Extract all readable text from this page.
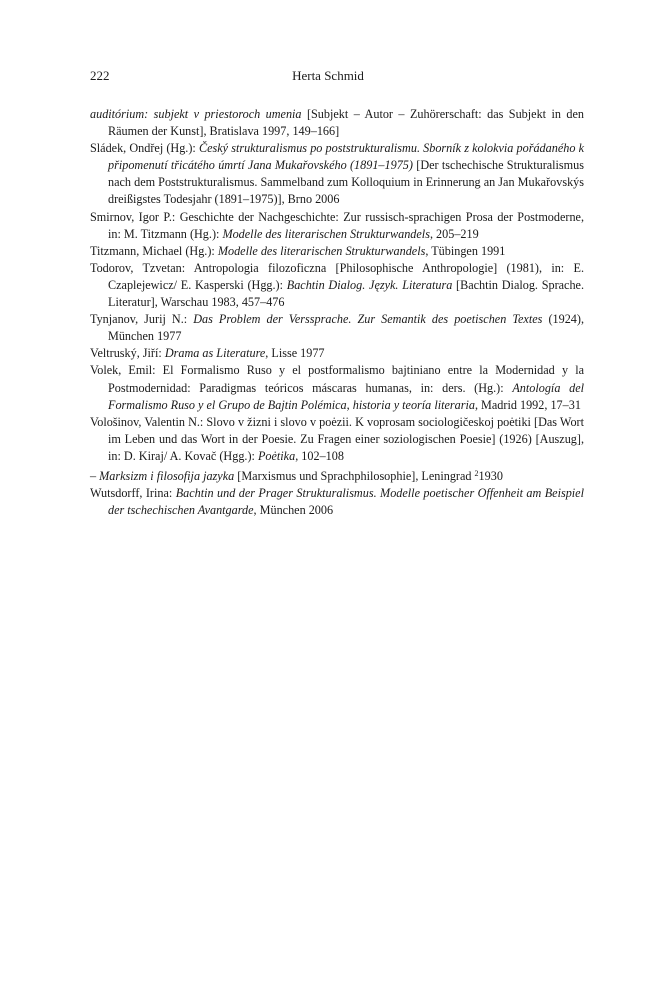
222	Herta Schmid

auditórium: subjekt v priestoroch umenia [Subjekt – Autor – Zuhörerschaft: das Subjekt in den Räumen der Kunst], Bratislava 1997, 149–166]

Sládek, Ondřej (Hg.): Český strukturalismus po poststrukturalismu. Sborník z kolokvia pořádaného k připomenutí třicátého úmrtí Jana Mukařovského (1891–1975) [Der tschechische Strukturalismus nach dem Poststrukturalismus. Sammelband zum Kolloquium in Erinnerung an Jan Mukařovskýs dreißigstes Todesjahr (1891–1975)], Brno 2006

Smirnov, Igor P.: Geschichte der Nachgeschichte: Zur russisch-sprachigen Prosa der Postmoderne, in: M. Titzmann (Hg.): Modelle des literarischen Strukturwandels, 205–219

Titzmann, Michael (Hg.): Modelle des literarischen Strukturwandels, Tübingen 1991

Todorov, Tzvetan: Antropologia filozoficzna [Philosophische Anthropologie] (1981), in: E. Czaplejewicz/ E. Kasperski (Hgg.): Bachtin Dialog. Język. Literatura [Bachtin Dialog. Sprache. Literatur], Warschau 1983, 457–476

Tynjanov, Jurij N.: Das Problem der Verssprache. Zur Semantik des poetischen Textes (1924), München 1977

Veltruský, Jiří: Drama as Literature, Lisse 1977

Volek, Emil: El Formalismo Ruso y el postformalismo bajtiniano entre la Modernidad y la Postmodernidad: Paradigmas teóricos máscaras humanas, in: ders. (Hg.): Antología del Formalismo Ruso y el Grupo de Bajtin Polémica, historia y teoría literaria, Madrid 1992, 17–31

Vološinov, Valentin N.: Slovo v žizni i slovo v poėzii. K voprosam sociologičeskoj poėtiki [Das Wort im Leben und das Wort in der Poesie. Zu Fragen einer soziologischen Poesie] (1926) [Auszug], in: D. Kiraj/ A. Kovač (Hgg.): Poėtika, 102–108

– Marksizm i filosofija jazyka [Marxismus und Sprachphilosophie], Leningrad $^2$1930

Wutsdorff, Irina: Bachtin und der Prager Strukturalismus. Modelle poetischer Offenheit am Beispiel der tschechischen Avantgarde, München 2006
